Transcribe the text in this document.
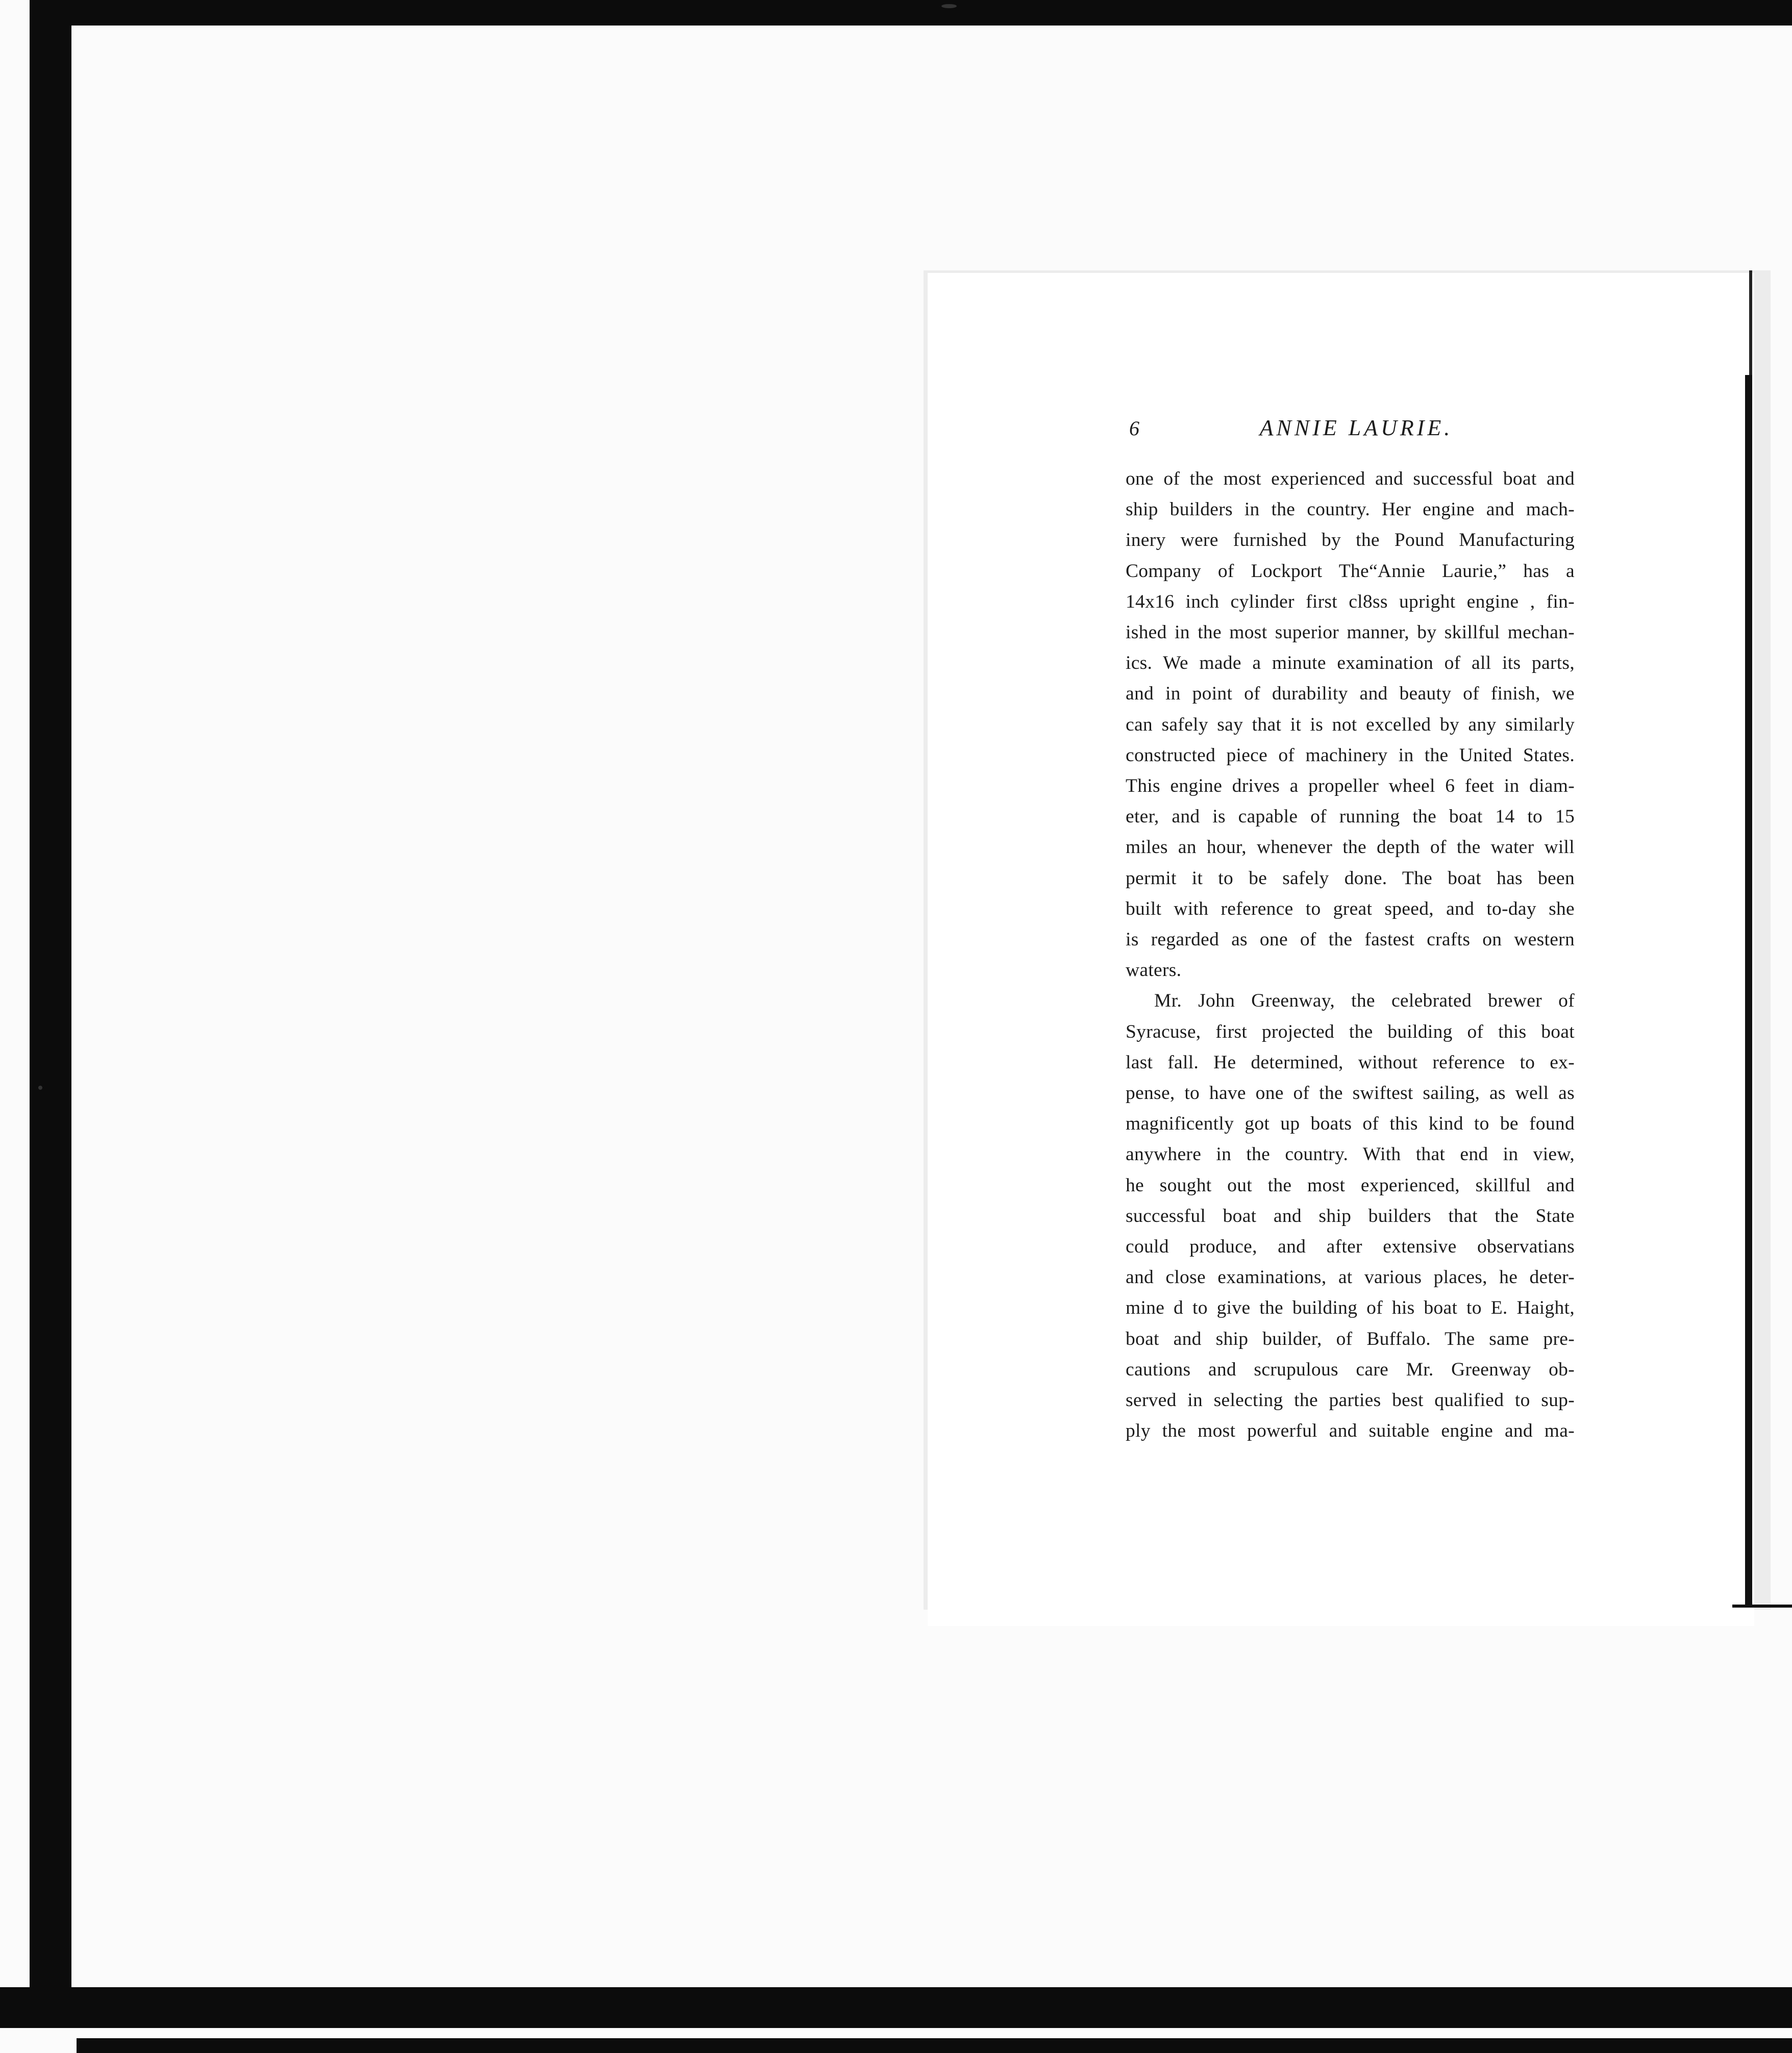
6	ANNIE LAURIE.
one of the most experienced and successful boat and
ship builders in the country. Her engine and mach-
inery were furnished by the Pound Manufacturing
Company of Lockport The“Annie Laurie,” has a
14x16 inch cylinder first cl8ss upright engine , fin-
ished in the most superior manner, by skillful mechan-
ics. We made a minute examination of all its parts,
and in point of durability and beauty of finish, we
can safely say that it is not excelled by any similarly
constructed piece of machinery in the United States.
This engine drives a propeller wheel 6 feet in diam-
eter, and is capable of running the boat 14 to 15
miles an hour, whenever the depth of the water will
permit it to be safely done. The boat has been
built with reference to great speed, and to-day she
is regarded as one of the fastest crafts on western
waters.
Mr. John Greenway, the celebrated brewer of
Syracuse, first projected the building of this boat
last fall. He determined, without reference to ex-
pense, to have one of the swiftest sailing, as well as
magnificently got up boats of this kind to be found
anywhere in the country. With that end in view,
he sought out the most experienced, skillful and
successful boat and ship builders that the State
could produce, and after extensive observatians
and close examinations, at various places, he deter-
mine d to give the building of his boat to E. Haight,
boat and ship builder, of Buffalo. The same pre-
cautions and scrupulous care Mr. Greenway ob-
served in selecting the parties best qualified to sup-
ply the most powerful and suitable engine and ma-
